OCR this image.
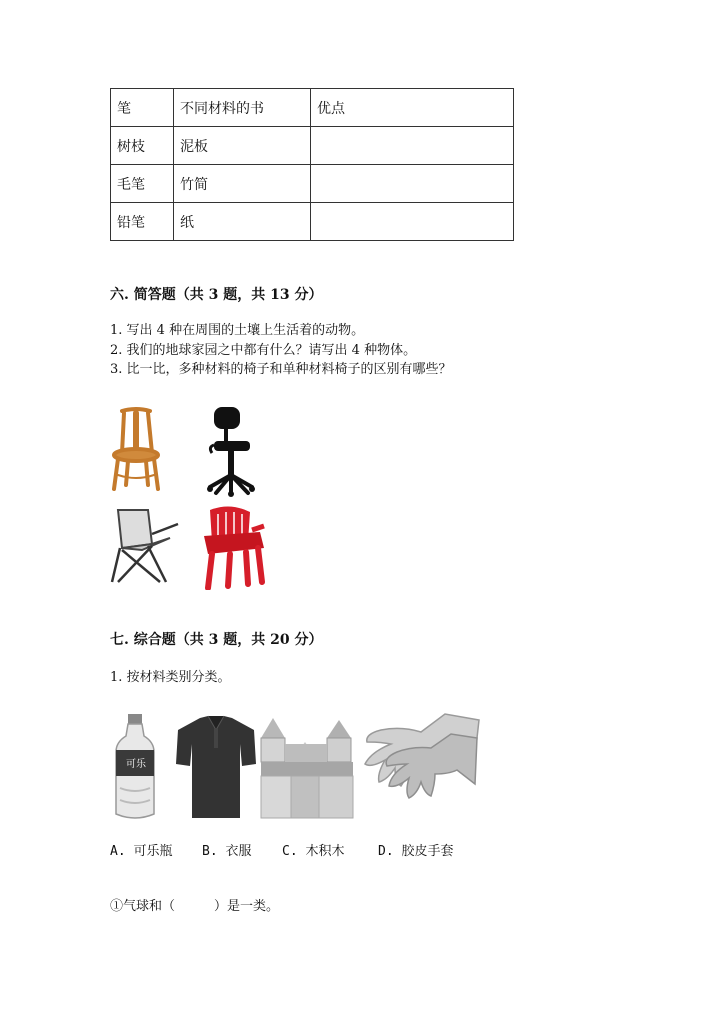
笔	不同材料的书	优点
树枝	泥板	
毛笔	竹简	
铅笔	纸	
六. 简答题（共 3 题，共 13 分）
1. 写出 4 种在周围的土壤上生活着的动物。
2. 我们的地球家园之中都有什么？请写出 4 种物体。
3. 比一比，多种材料的椅子和单种材料椅子的区别有哪些？
七. 综合题（共 3 题，共 20 分）
1. 按材料类别分类。
可乐
A. 可乐瓶 B. 衣服 C. 木积木	D. 胶皮手套
①气球和（　　　）是一类。
